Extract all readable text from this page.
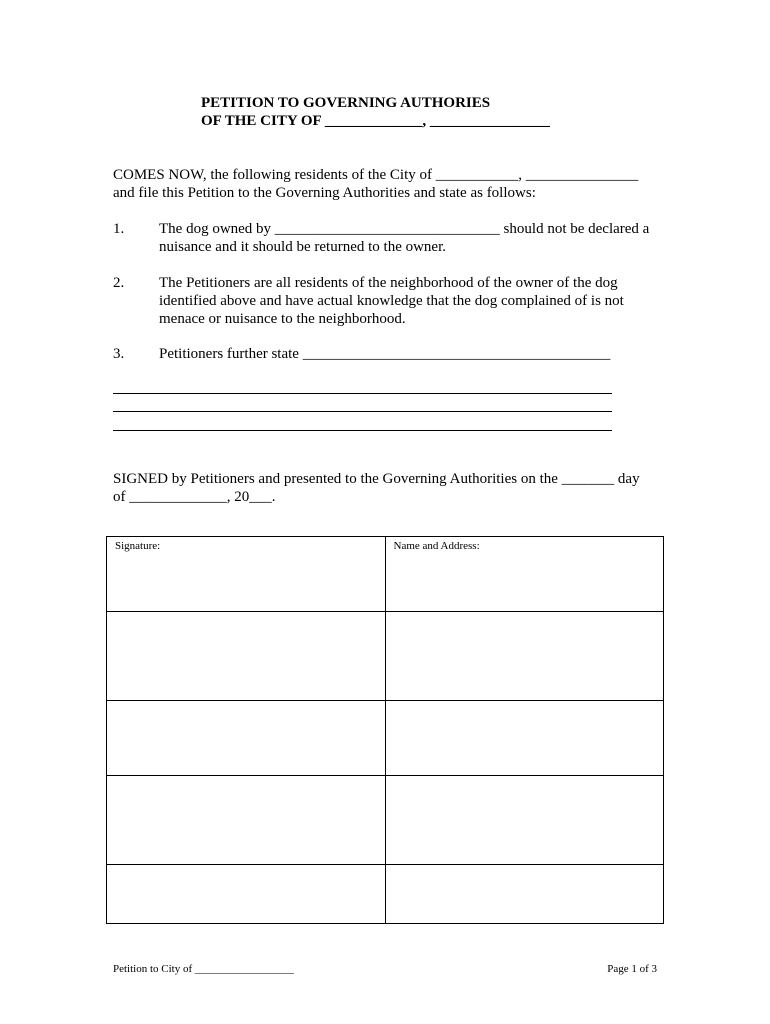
PETITION TO GOVERNING AUTHORIES
OF THE CITY OF _____________, ________________
COMES NOW, the following residents of the City of ___________, _______________
and file this Petition to the Governing Authorities and state as follows:
1. The dog owned by ______________________________ should not be declared a
nuisance and it should be returned to the owner.
2. The Petitioners are all residents of the neighborhood of the owner of the dog
identified above and have actual knowledge that the dog complained of is not
menace or nuisance to the neighborhood.
3. Petitioners further state _________________________________________
SIGNED by Petitioners and presented to the Governing Authorities on the _______ day
of _____________, 20___.
Signature:	Name and Address:

Petition to City of __________________	Page 1 of 3
